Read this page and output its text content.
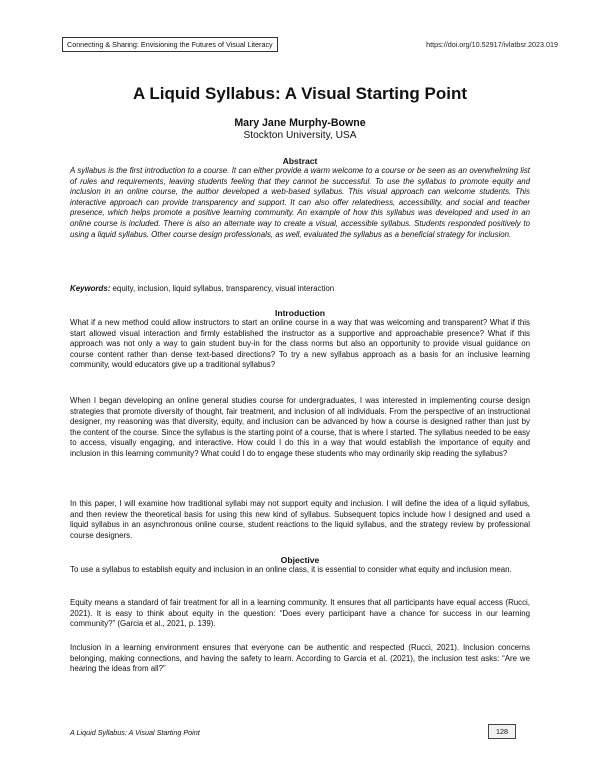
Connecting & Sharing: Envisioning the Futures of Visual Literacy	https://doi.org/10.52917/ivlatbsr.2023.019
A Liquid Syllabus: A Visual Starting Point
Mary Jane Murphy-Bowne
Stockton University, USA
Abstract

A syllabus is the first introduction to a course. It can either provide a warm welcome to a course or be seen as an overwhelming list of rules and requirements, leaving students feeling that they cannot be successful. To use the syllabus to promote equity and inclusion in an online course, the author developed a web-based syllabus. This visual approach can welcome students. This interactive approach can provide transparency and support. It can also offer relatedness, accessibility, and social and teacher presence, which helps promote a positive learning community. An example of how this syllabus was developed and used in an online course is included. There is also an alternate way to create a visual, accessible syllabus. Students responded positively to using a liquid syllabus. Other course design professionals, as well, evaluated the syllabus as a beneficial strategy for inclusion.

Keywords: equity, inclusion, liquid syllabus, transparency, visual interaction

Introduction

What if a new method could allow instructors to start an online course in a way that was welcoming and transparent? What if this start allowed visual interaction and firmly established the instructor as a supportive and approachable presence? What if this approach was not only a way to gain student buy-in for the class norms but also an opportunity to provide visual guidance on course content rather than dense text-based directions? To try a new syllabus approach as a basis for an inclusive learning community, would educators give up a traditional syllabus?

When I began developing an online general studies course for undergraduates, I was interested in implementing course design strategies that promote diversity of thought, fair treatment, and inclusion of all individuals. From the perspective of an instructional designer, my reasoning was that diversity, equity, and inclusion can be advanced by how a course is designed rather than just by the content of the course. Since the syllabus is the starting point of a course, that is where I started. The syllabus needed to be easy to access, visually engaging, and interactive. How could I do this in a way that would establish the importance of equity and inclusion in this learning community? What could I do to engage these students who may ordinarily skip reading the syllabus?

In this paper, I will examine how traditional syllabi may not support equity and inclusion. I will define the idea of a liquid syllabus, and then review the theoretical basis for using this new kind of syllabus. Subsequent topics include how I designed and used a liquid syllabus in an asynchronous online course, student reactions to the liquid syllabus, and the strategy review by professional course designers.

Objective

To use a syllabus to establish equity and inclusion in an online class, it is essential to consider what equity and inclusion mean.

Equity means a standard of fair treatment for all in a learning community. It ensures that all participants have equal access (Rucci, 2021). It is easy to think about equity in the question: “Does every participant have a chance for success in our learning community?” (Garcia et al., 2021, p. 139).

Inclusion in a learning environment ensures that everyone can be authentic and respected (Rucci, 2021). Inclusion concerns belonging, making connections, and having the safety to learn. According to Garcia et al. (2021), the inclusion test asks: “Are we hearing the ideas from all?”

A Liquid Syllabus: A Visual Starting Point	128
